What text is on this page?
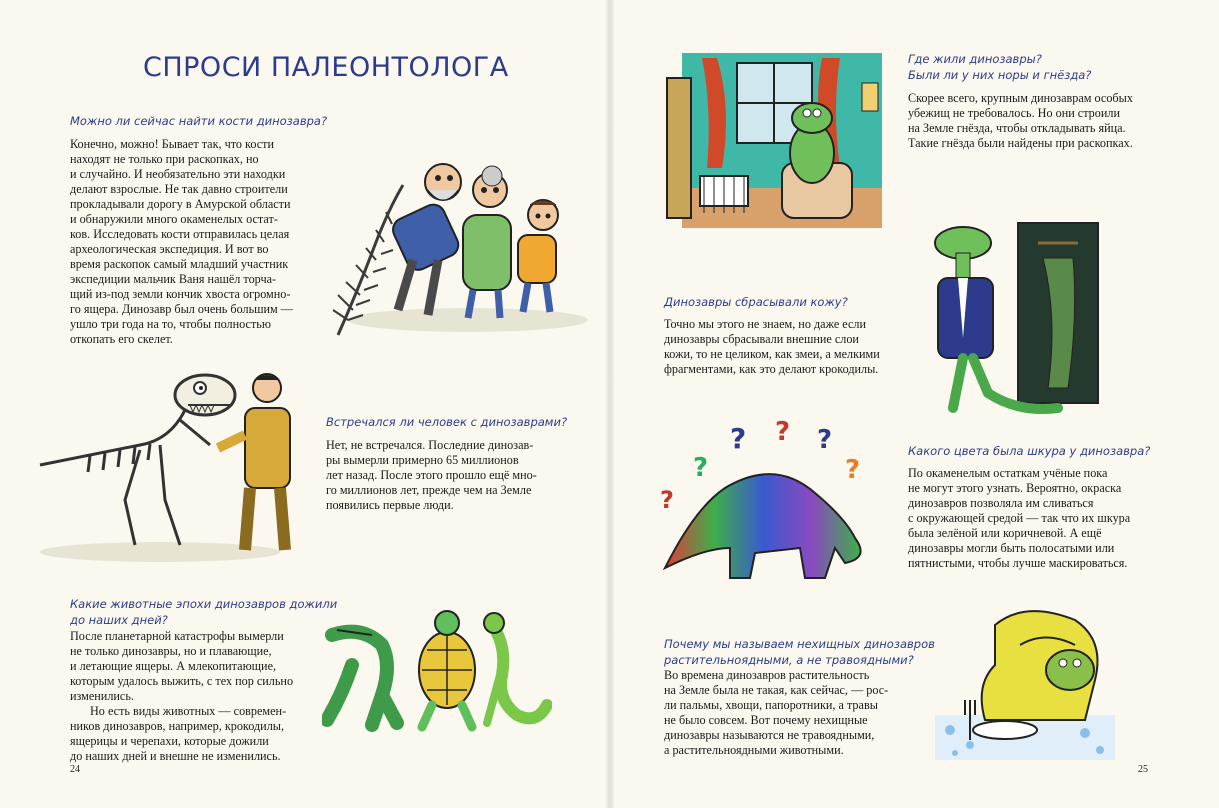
СПРОСИ ПАЛЕОНТОЛОГА
Можно ли сейчас найти кости динозавра?

Конечно, можно! Бывает так, что кости

находят не только при раскопках, но

и случайно. И необязательно эти находки

делают взрослые. Не так давно строители

прокладывали дорогу в Амурской области

и обнаружили много окаменелых остат-

ков. Исследовать кости отправилась целая

археологическая экспедиция. И вот во

время раскопок самый младший участник

экспедиции мальчик Ваня нашёл торча-

щий из-под земли кончик хвоста огромно-

го ящера. Динозавр был очень большим —

ушло три года на то, чтобы полностью

откопать его скелет.

Встречался ли человек с динозаврами?

Нет, не встречался. Последние динозав-

ры вымерли примерно 65 миллионов

лет назад. После этого прошло ещё мно-

го миллионов лет, прежде чем на Земле

появились первые люди.

Какие животные эпохи динозавров дожили
до наших дней?

После планетарной катастрофы вымерли

не только динозавры, но и плавающие,

и летающие ящеры. А млекопитающие,

которым удалось выжить, с тех пор сильно

изменились.

Но есть виды животных — современ-

ников динозавров, например, крокодилы,

ящерицы и черепахи, которые дожили

до наших дней и внешне не изменились.

24
Где жили динозавры?
Были ли у них норы и гнёзда?

Скорее всего, крупным динозаврам особых

убежищ не требовалось. Но они строили

на Земле гнёзда, чтобы откладывать яйца.

Такие гнёзда были найдены при раскопках.

Динозавры сбрасывали кожу?

Точно мы этого не знаем, но даже если

динозавры сбрасывали внешние слои

кожи, то не целиком, как змеи, а мелкими

фрагментами, как это делают крокодилы.

? ? ?
?	?
?
Какого цвета была шкура у динозавра?

По окаменелым остаткам учёные пока

не могут этого узнать. Вероятно, окраска

динозавров позволяла им сливаться

с окружающей средой — так что их шкура

была зелёной или коричневой. А ещё

динозавры могли быть полосатыми или

пятнистыми, чтобы лучше маскироваться.

Почему мы называем нехищных динозавров
растительноядными, а не травоядными?

Во времена динозавров растительность

на Земле была не такая, как сейчас, — рос-

ли пальмы, хвощи, папоротники, а травы

не было совсем. Вот почему нехищные

динозавры называются не травоядными,

а растительноядными животными.

25
